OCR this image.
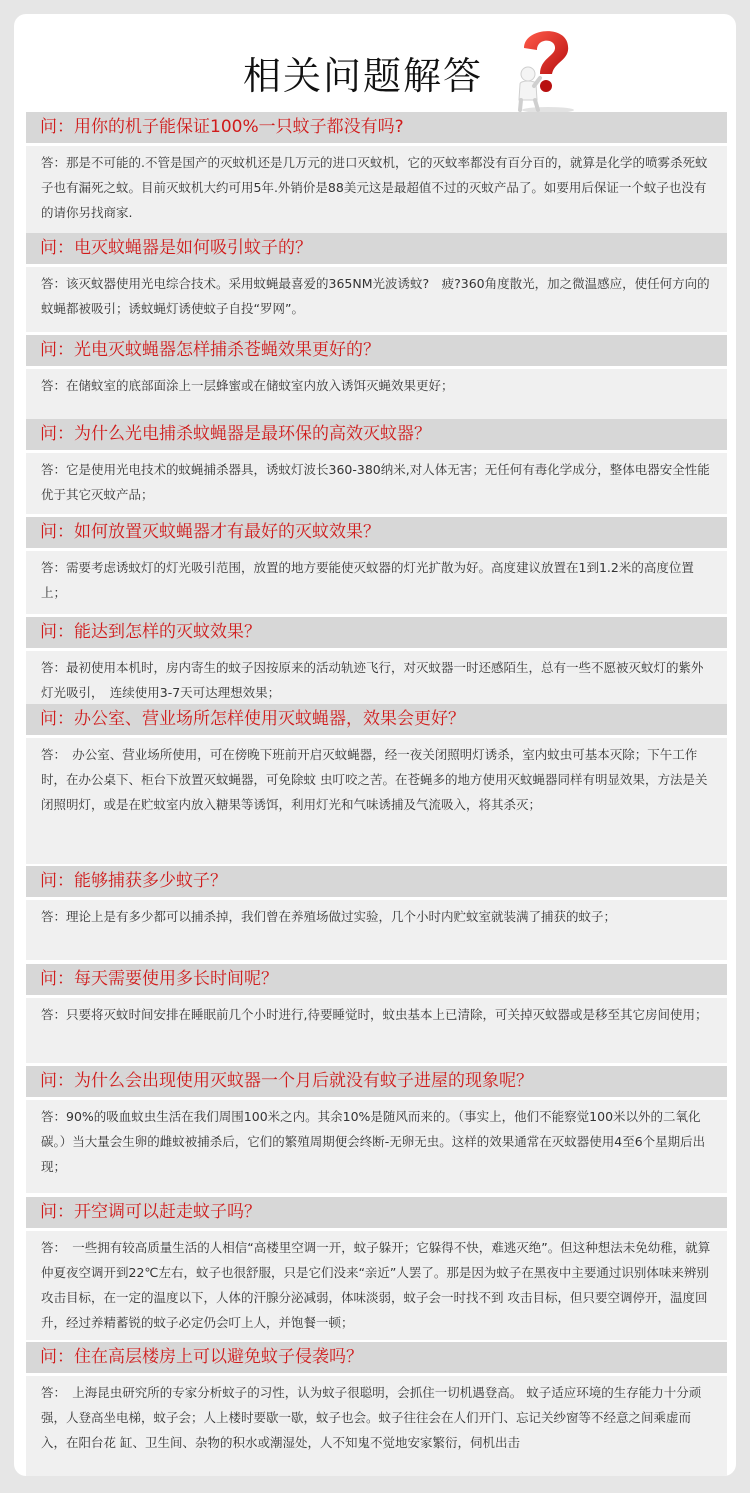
相关问题解答
问：用你的机子能保证100%一只蚊子都没有吗?
答：那是不可能的.不管是国产的灭蚊机还是几万元的进口灭蚊机，它的灭蚊率都没有百分百的，就算是化学的喷雾杀死蚊子也有漏死之蚊。目前灭蚊机大约可用5年.外销价是88美元这是最超值不过的灭蚊产品了。如要用后保证一个蚊子也没有的请你另找商家.
问：电灭蚊蝇器是如何吸引蚊子的？
答：该灭蚊器使用光电综合技术。采用蚊蝇最喜爱的365NM光波诱蚊?　疲?360角度散光，加之微温感应，使任何方向的蚊蝇都被吸引；诱蚊蝇灯诱使蚊子自投“罗网”。
问：光电灭蚊蝇器怎样捕杀苍蝇效果更好的？
答：在储蚊室的底部面涂上一层蜂蜜或在储蚊室内放入诱饵灭蝇效果更好；
问：为什么光电捕杀蚊蝇器是最环保的高效灭蚊器？
答：它是使用光电技术的蚊蝇捕杀器具，诱蚊灯波长360-380纳米,对人体无害；无任何有毒化学成分，整体电器安全性能优于其它灭蚊产品；
问：如何放置灭蚊蝇器才有最好的灭蚊效果？
答：需要考虑诱蚊灯的灯光吸引范围，放置的地方要能使灭蚊器的灯光扩散为好。高度建议放置在1到1.2米的高度位置上；
问：能达到怎样的灭蚊效果？
答：最初使用本机时，房内寄生的蚊子因按原来的活动轨迹飞行，对灭蚊器一时还感陌生，总有一些不愿被灭蚊灯的紫外灯光吸引，　连续使用3-7天可达理想效果；
问：办公室、营业场所怎样使用灭蚊蝇器，效果会更好？
答：　办公室、营业场所使用，可在傍晚下班前开启灭蚊蝇器，经一夜关闭照明灯诱杀，室内蚊虫可基本灭除；下午工作时，在办公桌下、柜台下放置灭蚊蝇器，可免除蚊 虫叮咬之苦。在苍蝇多的地方使用灭蚊蝇器同样有明显效果，方法是关闭照明灯，或是在贮蚊室内放入糖果等诱饵，利用灯光和气味诱捕及气流吸入，将其杀灭；
问：能够捕获多少蚊子？
答：理论上是有多少都可以捕杀掉，我们曾在养殖场做过实验，几个小时内贮蚊室就装满了捕获的蚊子；
问：每天需要使用多长时间呢？
答：只要将灭蚊时间安排在睡眠前几个小时进行,待要睡觉时，蚊虫基本上已清除，可关掉灭蚊器或是移至其它房间使用；
问：为什么会出现使用灭蚊器一个月后就没有蚊子进屋的现象呢？
答：90%的吸血蚊虫生活在我们周围100米之内。其余10%是随风而来的。（事实上，他们不能察觉100米以外的二氧化碳。）当大量会生卵的雌蚊被捕杀后，它们的繁殖周期便会终断-无卵无虫。这样的效果通常在灭蚊器使用4至6个星期后出现；
问：开空调可以赶走蚊子吗？
答：　一些拥有较高质量生活的人相信“高楼里空调一开，蚊子躲开；它躲得不快，难逃灭绝”。但这种想法未免幼稚，就算仲夏夜空调开到22℃左右，蚊子也很舒服，只是它们没来“亲近”人罢了。那是因为蚊子在黑夜中主要通过识别体味来辨别攻击目标，在一定的温度以下，人体的汗腺分泌减弱，体味淡弱，蚊子会一时找不到 攻击目标，但只要空调停开，温度回升，经过养精蓄锐的蚊子必定仍会叮上人，并饱餐一顿；
问：住在高层楼房上可以避免蚊子侵袭吗？
答：　上海昆虫研究所的专家分析蚊子的习性，认为蚊子很聪明，会抓住一切机遇登高。 蚊子适应环境的生存能力十分顽强，人登高坐电梯，蚊子会；人上楼时要歇一歇，蚊子也会。蚊子往往会在人们开门、忘记关纱窗等不经意之间乘虚而入，在阳台花 缸、卫生间、杂物的积水或潮湿处，人不知鬼不觉地安家繁衍，伺机出击
